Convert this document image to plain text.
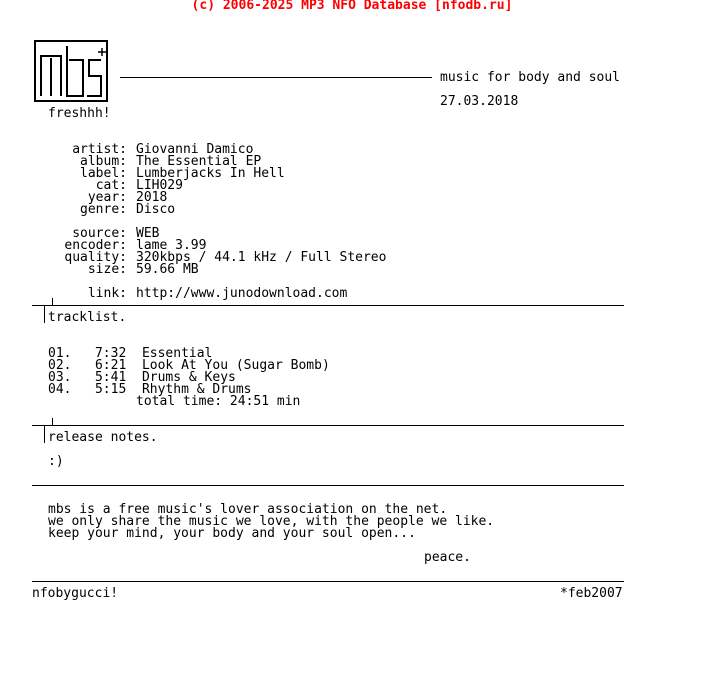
(c) 2006-2025 MP3 NFO Database [nfodb.ru]
music for body and soul
27.03.2018
freshhh!

artist:
album:
label:
cat:
year:
genre:

source:
encoder:
quality:
size:

link:

Giovanni Damico
The Essential EP
Lumberjacks In Hell
LIH029
2018
Disco

WEB
lame 3.99
320kbps / 44.1 kHz / Full Stereo
59.66 MB

http://www.junodownload.com
tracklist.

01.   7:32 Essential
02.   6:21 Look At You (Sugar Bomb)
03.   5:41 Drums & Keys
04.   5:15 Rhythm & Drums
total time: 24:51 min
release notes.
:)
mbs is a free music's lover association on the net.
we only share the music we love, with the people we like.
keep your mind, your body and your soul open...
peace.
nfobygucci!	*feb2007
